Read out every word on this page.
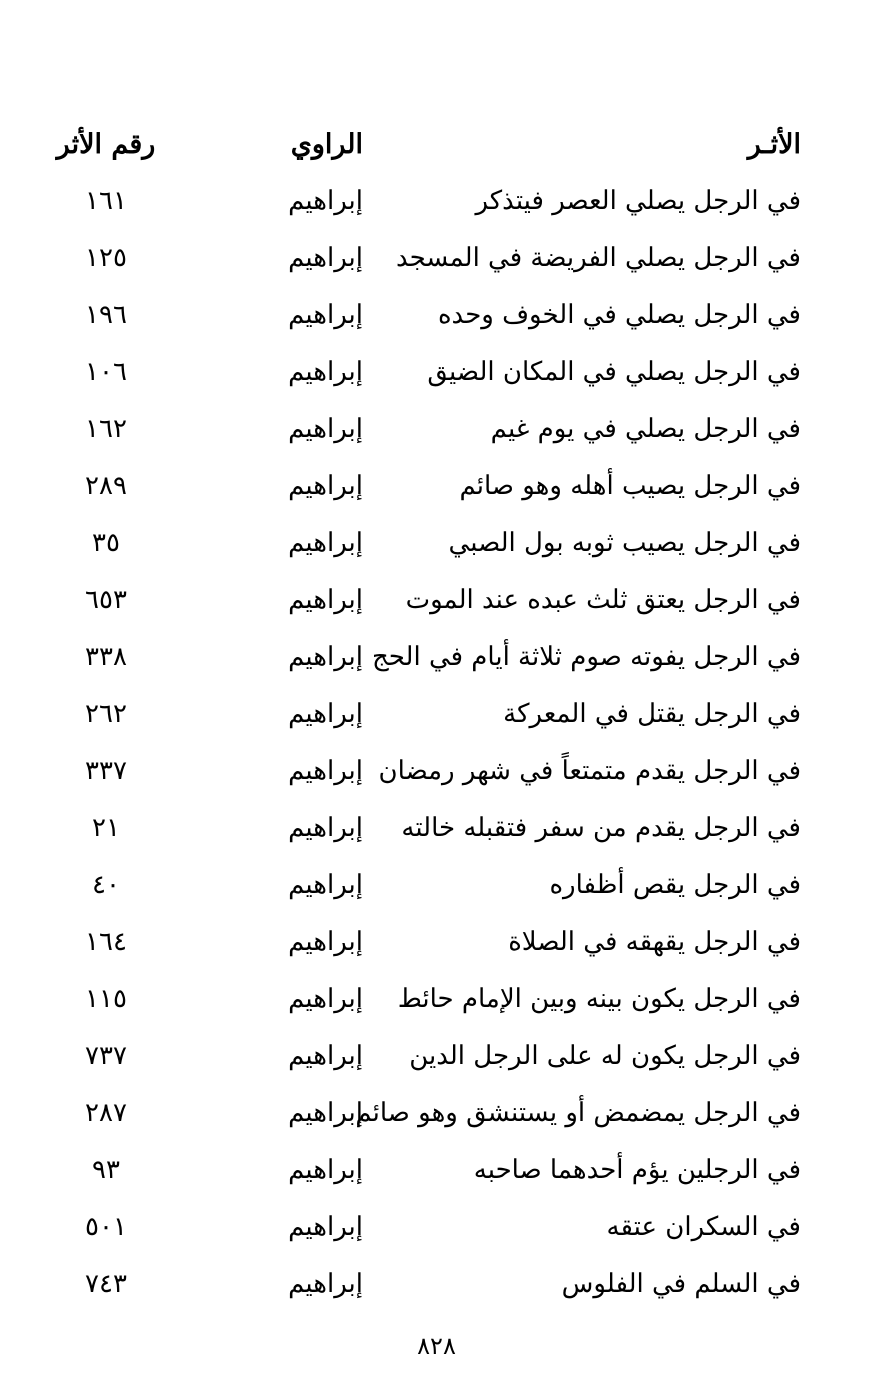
الأثـر
الراوي
رقم الأثر
في الرجل يصلي العصر فيتذكر
إبراهيم
١٦١
في الرجل يصلي الفريضة في المسجد
إبراهيم
١٢٥
في الرجل يصلي في الخوف وحده
إبراهيم
١٩٦
في الرجل يصلي في المكان الضيق
إبراهيم
١٠٦
في الرجل يصلي في يوم غيم
إبراهيم
١٦٢
في الرجل يصيب أهله وهو صائم
إبراهيم
٢٨٩
في الرجل يصيب ثوبه بول الصبي
إبراهيم
٣٥
في الرجل يعتق ثلث عبده عند الموت
إبراهيم
٦٥٣
في الرجل يفوته صوم ثلاثة أيام في الحج
إبراهيم
٣٣٨
في الرجل يقتل في المعركة
إبراهيم
٢٦٢
في الرجل يقدم متمتعاً في شهر رمضان
إبراهيم
٣٣٧
في الرجل يقدم من سفر فتقبله خالته
إبراهيم
٢١
في الرجل يقص أظفاره
إبراهيم
٤٠
في الرجل يقهقه في الصلاة
إبراهيم
١٦٤
في الرجل يكون بينه وبين الإمام حائط
إبراهيم
١١٥
في الرجل يكون له على الرجل الدين
إبراهيم
٧٣٧
في الرجل يمضمض أو يستنشق وهو صائم
إبراهيم
٢٨٧
في الرجلين يؤم أحدهما صاحبه
إبراهيم
٩٣
في السكران عتقه
إبراهيم
٥٠١
في السلم في الفلوس
إبراهيم
٧٤٣
٨٢٨
